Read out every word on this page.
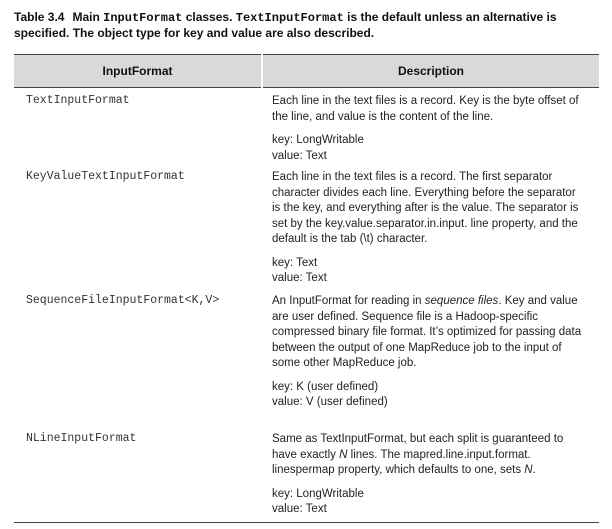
Table 3.4 Main InputFormat classes. TextInputFormat is the default unless an alternative is specified. The object type for key and value are also described.
InputFormat	Description

TextInputFormat	Each line in the text files is a record. Key is the byte offset of the line, and value is the content of the line.

key: LongWritable
value: Text

KeyValueTextInputFormat	Each line in the text files is a record. The first separator character divides each line. Everything before the separator is the key, and everything after is the value. The separator is set by the key.value.separator.in.input. line property, and the default is the tab (\t) character.

key: Text
value: Text

SequenceFileInputFormat<K,V>	An InputFormat for reading in sequence files. Key and value are user defined. Sequence file is a Hadoop-specific compressed binary file format. It’s optimized for passing data between the output of one MapReduce job to the input of some other MapReduce job.

key: K (user defined)
value: V (user defined)

NLineInputFormat	Same as TextInputFormat, but each split is guaranteed to have exactly N lines. The mapred.line.input.format. linespermap property, which defaults to one, sets N.

key: LongWritable
value: Text
